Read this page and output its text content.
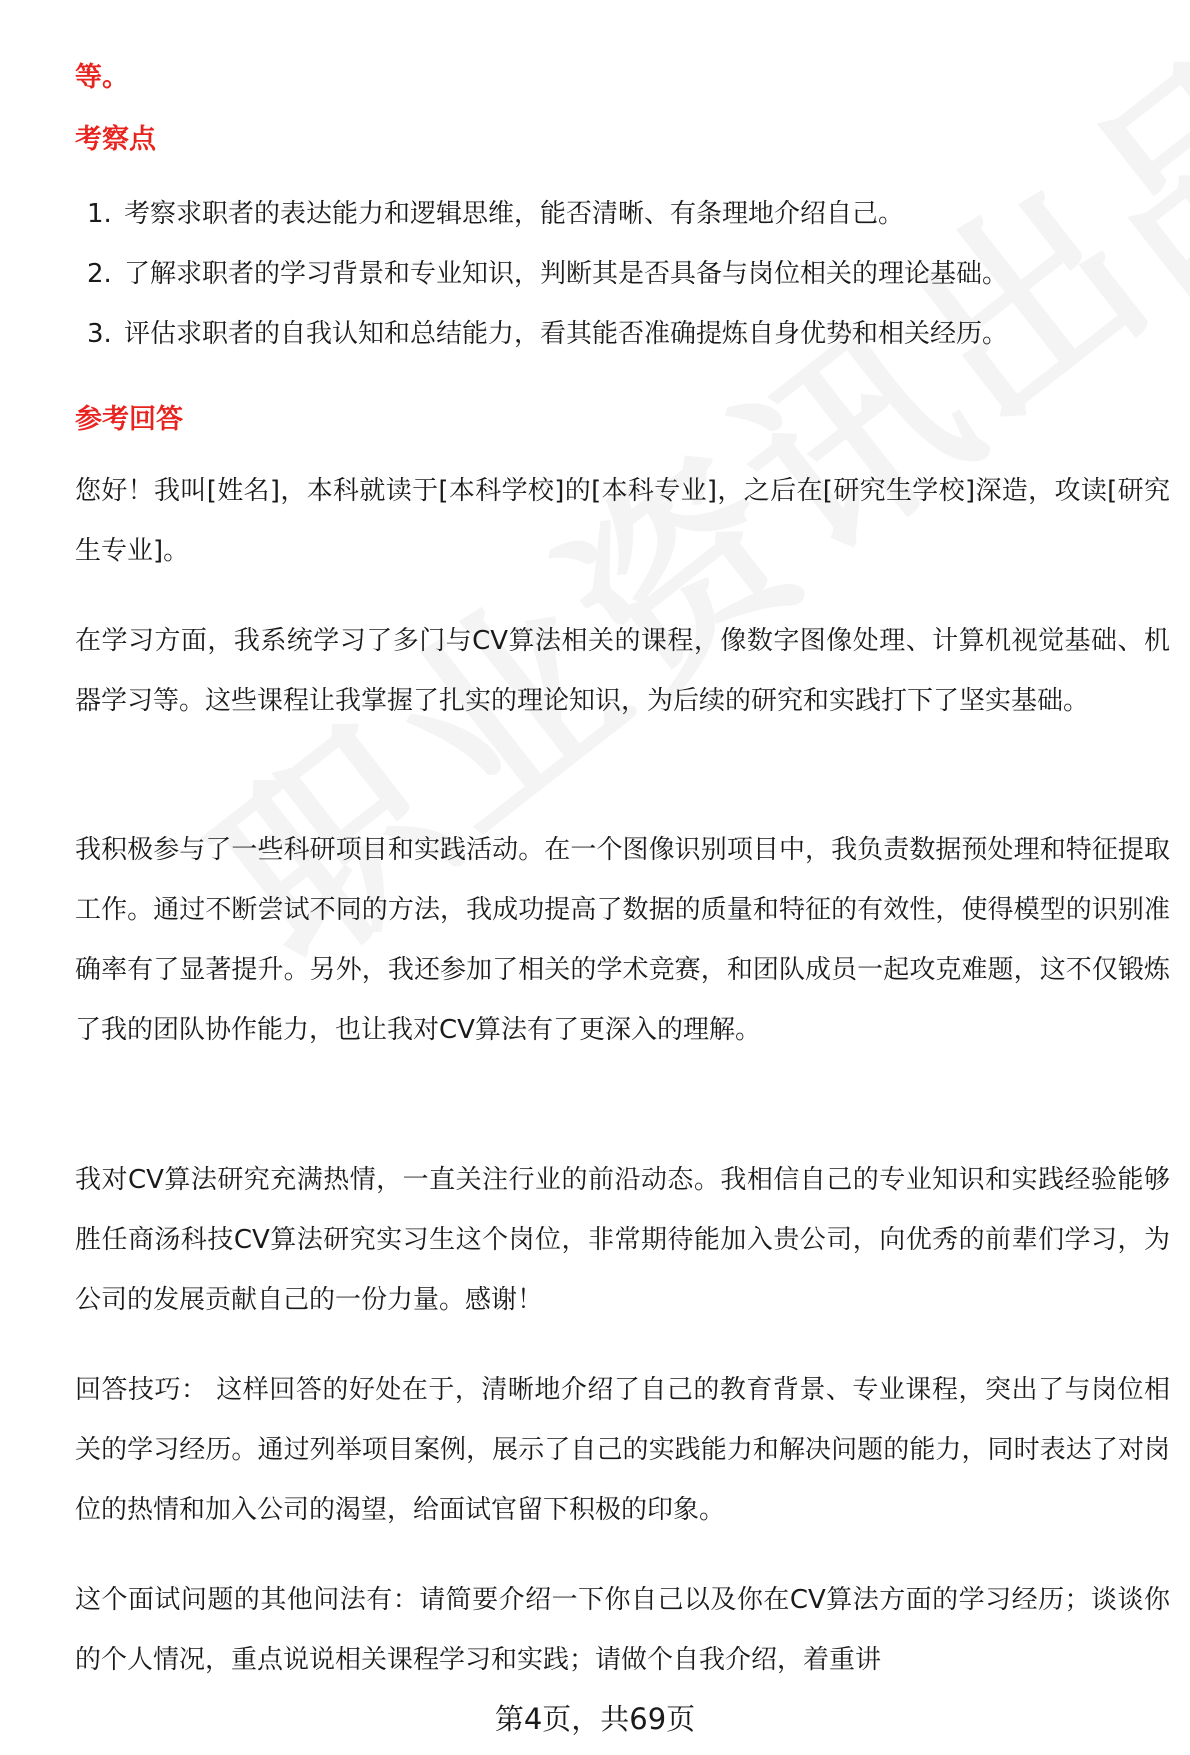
等。
考察点
1. 考察求职者的表达能力和逻辑思维，能否清晰、有条理地介绍自己。
2. 了解求职者的学习背景和专业知识，判断其是否具备与岗位相关的理论基础。
3. 评估求职者的自我认知和总结能力，看其能否准确提炼自身优势和相关经历。
参考回答
您好！我叫[姓名]，本科就读于[本科学校]的[本科专业]，之后在[研究生学校]深造，攻读[研究生专业]。
在学习方面，我系统学习了多门与CV算法相关的课程，像数字图像处理、计算机视觉基础、机器学习等。这些课程让我掌握了扎实的理论知识，为后续的研究和实践打下了坚实基础。
我积极参与了一些科研项目和实践活动。在一个图像识别项目中，我负责数据预处理和特征提取工作。通过不断尝试不同的方法，我成功提高了数据的质量和特征的有效性，使得模型的识别准确率有了显著提升。另外，我还参加了相关的学术竞赛，和团队成员一起攻克难题，这不仅锻炼了我的团队协作能力，也让我对CV算法有了更深入的理解。
我对CV算法研究充满热情，一直关注行业的前沿动态。我相信自己的专业知识和实践经验能够胜任商汤科技CV算法研究实习生这个岗位，非常期待能加入贵公司，向优秀的前辈们学习，为公司的发展贡献自己的一份力量。感谢！
回答技巧： 这样回答的好处在于，清晰地介绍了自己的教育背景、专业课程，突出了与岗位相关的学习经历。通过列举项目案例，展示了自己的实践能力和解决问题的能力，同时表达了对岗位的热情和加入公司的渴望，给面试官留下积极的印象。
这个面试问题的其他问法有：请简要介绍一下你自己以及你在CV算法方面的学习经历；谈谈你的个人情况，重点说说相关课程学习和实践；请做个自我介绍，着重讲
第4页，共69页
